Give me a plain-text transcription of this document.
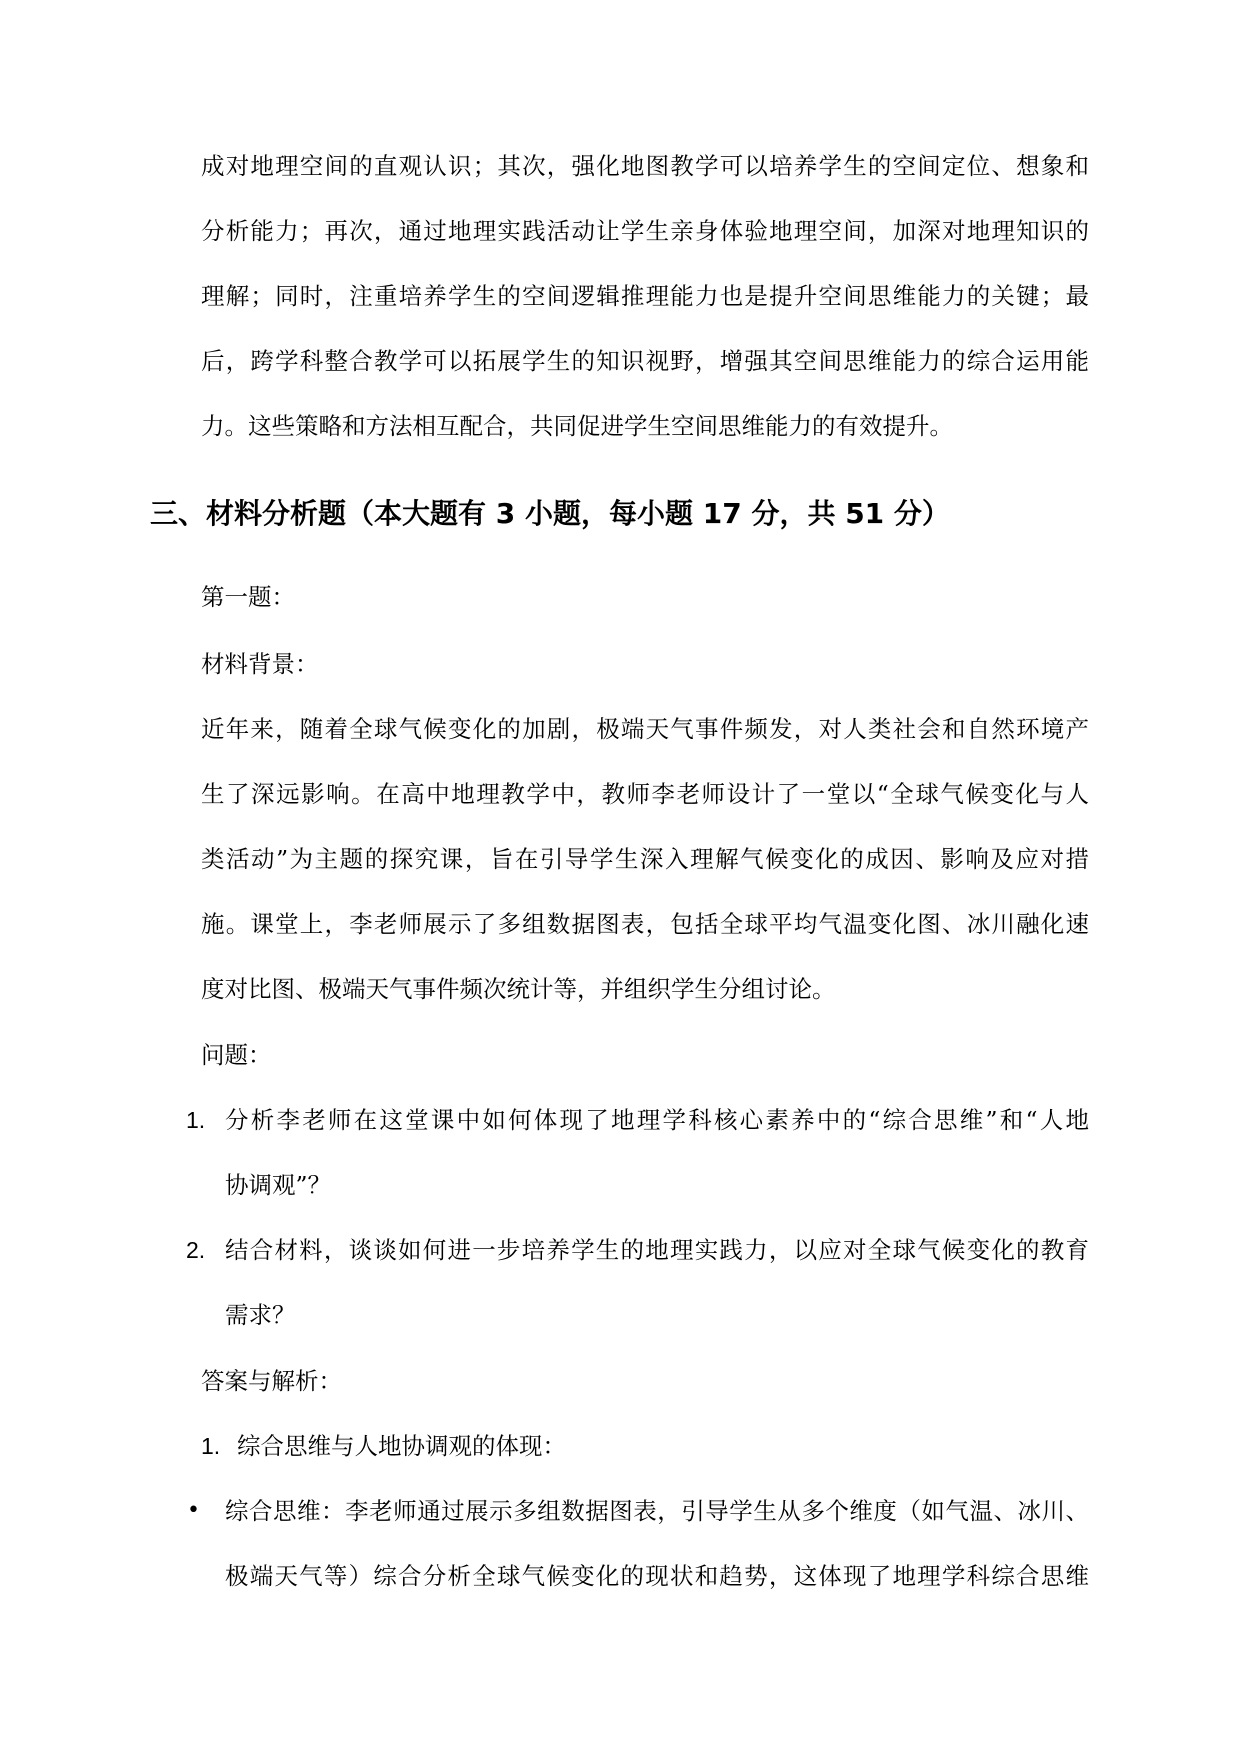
成对地理空间的直观认识；其次，强化地图教学可以培养学生的空间定位、想象和
分析能力；再次，通过地理实践活动让学生亲身体验地理空间，加深对地理知识的
理解；同时，注重培养学生的空间逻辑推理能力也是提升空间思维能力的关键；最
后，跨学科整合教学可以拓展学生的知识视野，增强其空间思维能力的综合运用能
力。这些策略和方法相互配合，共同促进学生空间思维能力的有效提升。
三、材料分析题（本大题有 3 小题，每小题 17 分，共 51 分）
第一题：
材料背景：
近年来，随着全球气候变化的加剧，极端天气事件频发，对人类社会和自然环境产
生了深远影响。在高中地理教学中，教师李老师设计了一堂以“全球气候变化与人
类活动”为主题的探究课，旨在引导学生深入理解气候变化的成因、影响及应对措
施。课堂上，李老师展示了多组数据图表，包括全球平均气温变化图、冰川融化速
度对比图、极端天气事件频次统计等，并组织学生分组讨论。
问题：
1. 分析李老师在这堂课中如何体现了地理学科核心素养中的“综合思维”和“人地
协调观”？
2. 结合材料，谈谈如何进一步培养学生的地理实践力，以应对全球气候变化的教育
需求？
答案与解析：
1. 综合思维与人地协调观的体现：
• 综合思维：李老师通过展示多组数据图表，引导学生从多个维度（如气温、冰川、
极端天气等）综合分析全球气候变化的现状和趋势，这体现了地理学科综合思维
